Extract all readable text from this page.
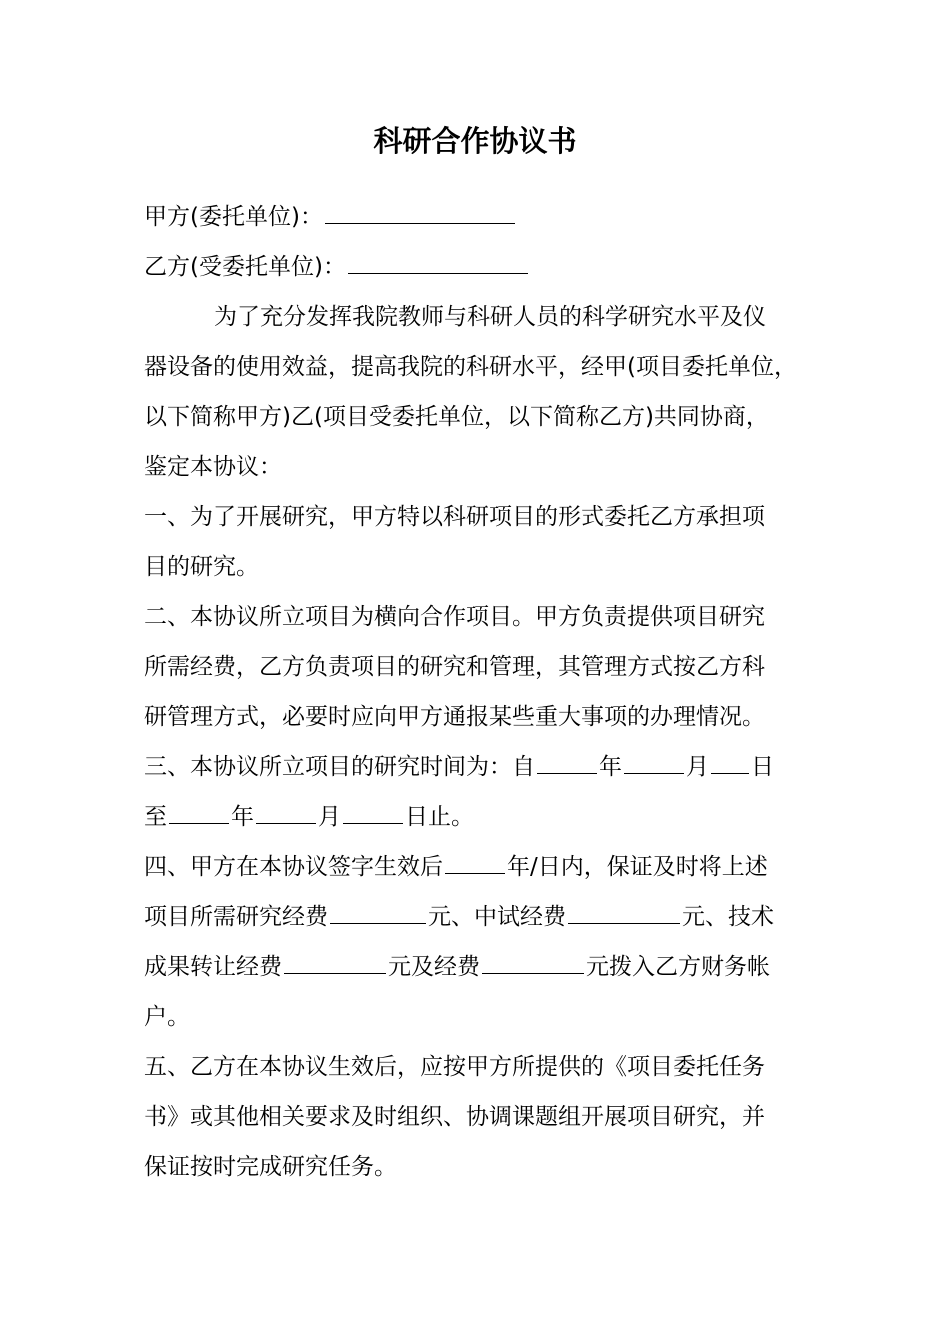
科研合作协议书

甲方(委托单位)：

乙方(受委托单位)：

为了充分发挥我院教师与科研人员的科学研究水平及仪

器设备的使用效益，提高我院的科研水平，经甲(项目委托单位，

以下简称甲方)乙(项目受委托单位，以下简称乙方)共同协商，

鉴定本协议：

一、为了开展研究，甲方特以科研项目的形式委托乙方承担项

目的研究。

二、本协议所立项目为横向合作项目。甲方负责提供项目研究

所需经费，乙方负责项目的研究和管理，其管理方式按乙方科

研管理方式，必要时应向甲方通报某些重大事项的办理情况。

三、本协议所立项目的研究时间为：自	年	月 日

至	年	月	日止。

四、甲方在本协议签字生效后	年/日内，保证及时将上述

项目所需研究经费	元、中试经费	元、技术

成果转让经费	元及经费	元拨入乙方财务帐

户。

五、乙方在本协议生效后，应按甲方所提供的《项目委托任务

书》或其他相关要求及时组织、协调课题组开展项目研究，并

保证按时完成研究任务。
